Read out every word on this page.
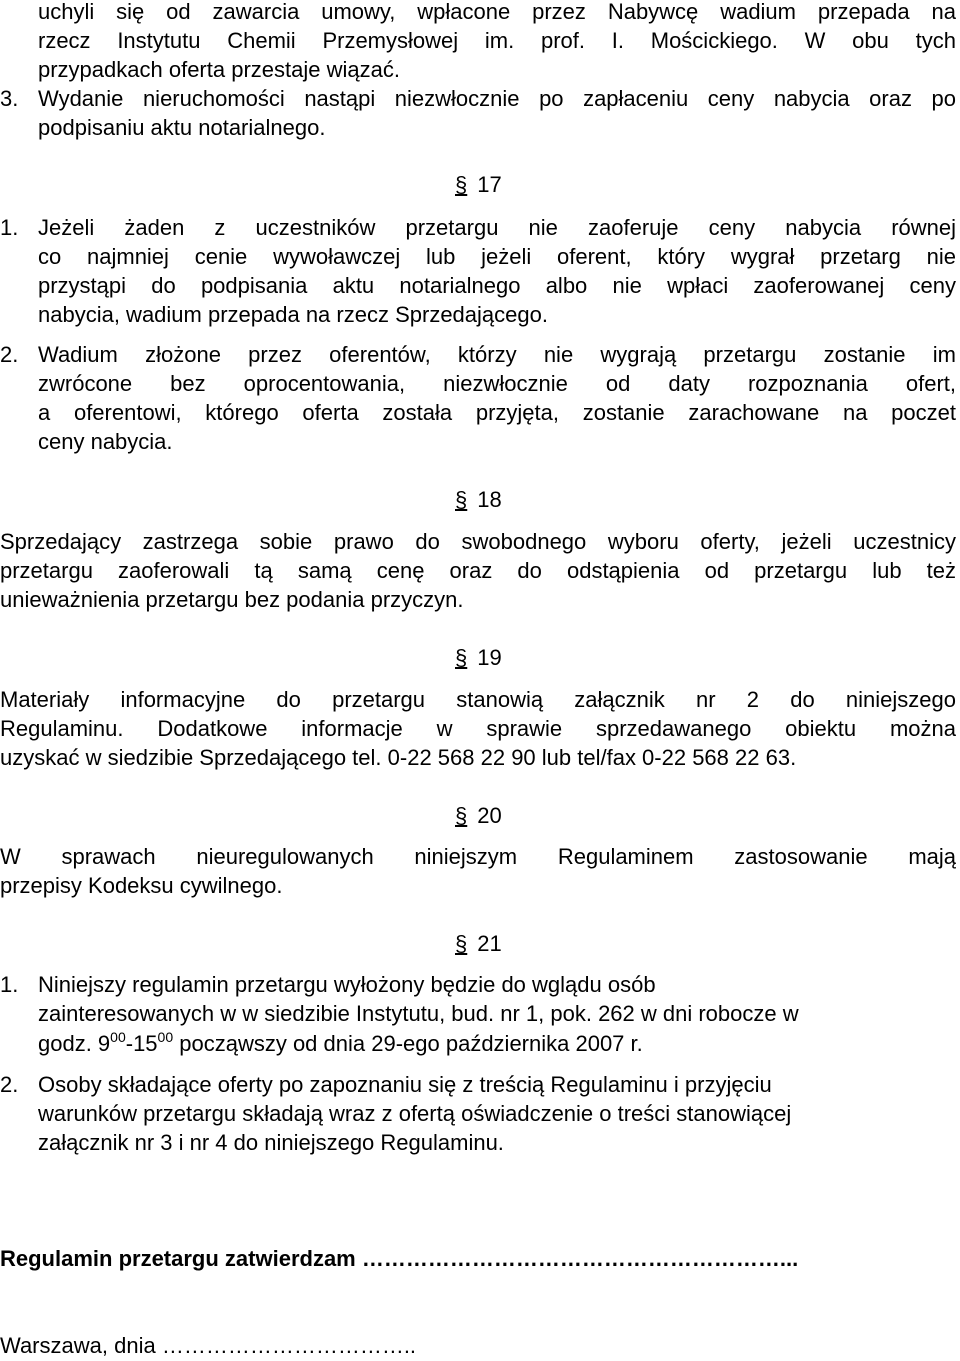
uchyli się od zawarcia umowy, wpłacone przez Nabywcę wadium przepada na
rzecz Instytutu Chemii Przemysłowej im. prof. I. Mościckiego. W obu tych
przypadkach oferta przestaje wiązać.
3. Wydanie nieruchomości nastąpi niezwłocznie po zapłaceniu ceny nabycia oraz po
podpisaniu aktu notarialnego.
§ 17
1. Jeżeli żaden z uczestników przetargu nie zaoferuje ceny nabycia równej
co najmniej cenie wywoławczej lub jeżeli oferent, który wygrał przetarg nie
przystąpi do podpisania aktu notarialnego albo nie wpłaci zaoferowanej ceny
nabycia, wadium przepada na rzecz Sprzedającego.
2. Wadium złożone przez oferentów, którzy nie wygrają przetargu zostanie im
zwrócone bez oprocentowania, niezwłocznie od daty rozpoznania ofert,
a oferentowi, którego oferta została przyjęta, zostanie zarachowane na poczet
ceny nabycia.
§ 18
Sprzedający zastrzega sobie prawo do swobodnego wyboru oferty, jeżeli uczestnicy
przetargu zaoferowali tą samą cenę oraz do odstąpienia od przetargu lub też
unieważnienia przetargu bez podania przyczyn.
§ 19
Materiały informacyjne do przetargu stanowią załącznik nr 2 do niniejszego
Regulaminu. Dodatkowe informacje w sprawie sprzedawanego obiektu można
uzyskać w siedzibie Sprzedającego tel. 0-22 568 22 90 lub tel/fax 0-22 568 22 63.
§ 20
W sprawach nieuregulowanych niniejszym Regulaminem zastosowanie mają
przepisy Kodeksu cywilnego.
§ 21
1. Niniejszy regulamin przetargu wyłożony będzie do wglądu osób
zainteresowanych w w siedzibie Instytutu, bud. nr 1, pok. 262 w dni robocze w
godz. $9^{00}-15^{00}$ począwszy od dnia 29-ego października 2007 r.
2. Osoby składające oferty po zapoznaniu się z treścią Regulaminu i przyjęciu
warunków przetargu składają wraz z ofertą oświadczenie o treści stanowiącej
załącznik nr 3 i nr 4 do niniejszego Regulaminu.
Regulamin przetargu zatwierdzam …………………………………………………...
Warszawa, dnia ……………………………..
